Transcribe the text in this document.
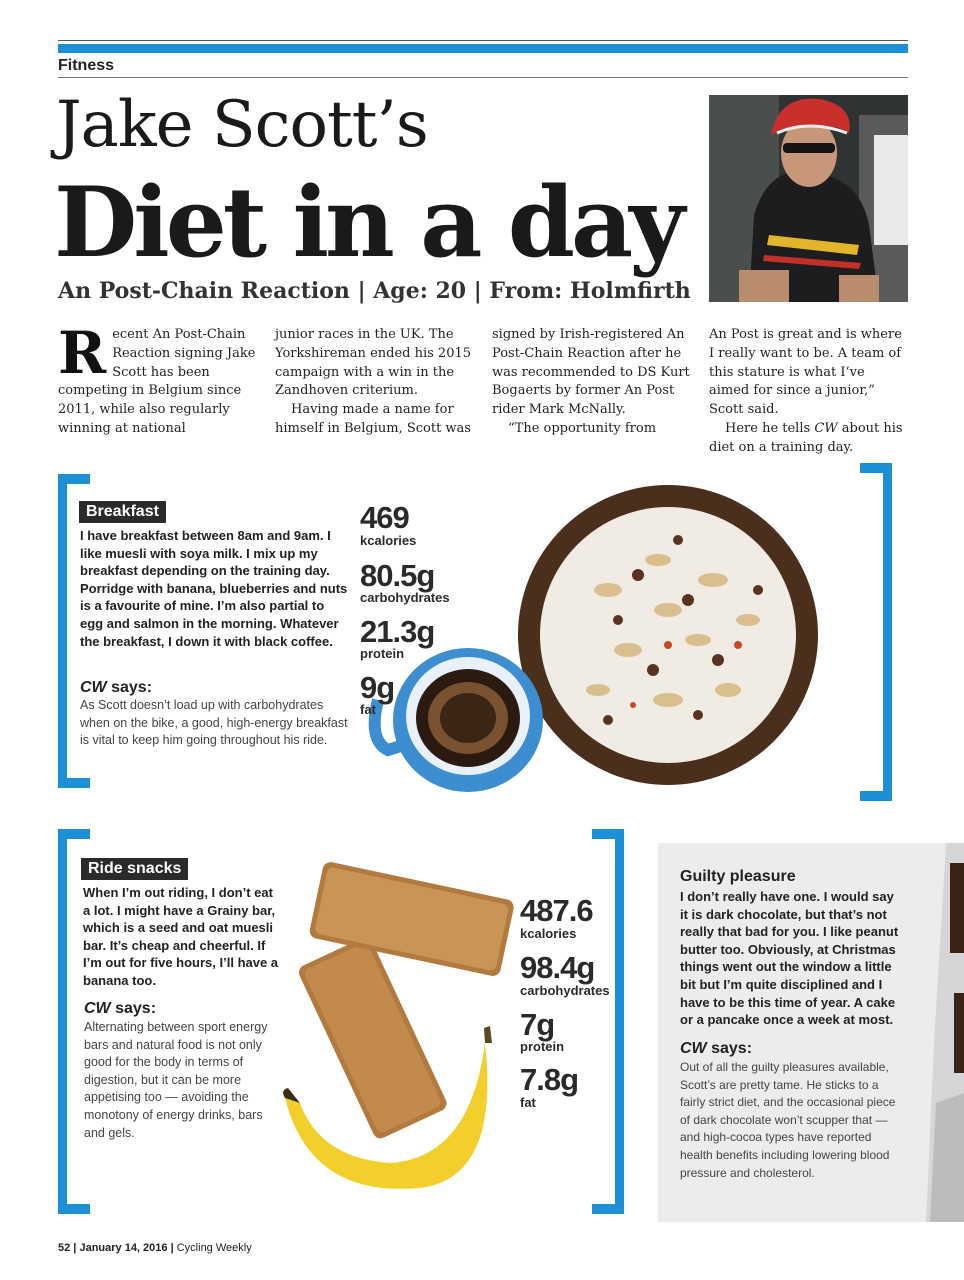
Fitness
Jake Scott’s
Diet in a day
An Post-Chain Reaction | Age: 20 | From: Holmfirth
R ecent An Post-Chain Reaction signing Jake Scott has been competing in Belgium since 2011, while also regularly winning at national

junior races in the UK. The Yorkshireman ended his 2015 campaign with a win in the Zandhoven criterium.

Having made a name for himself in Belgium, Scott was

signed by Irish-registered An Post-Chain Reaction after he was recommended to DS Kurt Bogaerts by former An Post rider Mark McNally.

“The opportunity from

An Post is great and is where I really want to be. A team of this stature is what I’ve aimed for since a junior,” Scott said.

Here he tells CW about his diet on a training day.

Breakfast
I have breakfast between 8am and 9am. I like muesli with soya milk. I mix up my breakfast depending on the training day. Porridge with banana, blueberries and nuts is a favourite of mine. I’m also partial to egg and salmon in the morning. Whatever the breakfast, I down it with black coffee.
CW says:
As Scott doesn’t load up with carbohydrates when on the bike, a good, high-energy breakfast is vital to keep him going throughout his ride.
469
kcalories
80.5g
carbohydrates
21.3g
protein
9g
fat
Ride snacks
When I’m out riding, I don’t eat a lot. I might have a Grainy bar, which is a seed and oat muesli bar. It’s cheap and cheerful. If I’m out for five hours, I’ll have a banana too.
CW says:
Alternating between sport energy bars and natural food is not only good for the body in terms of digestion, but it can be more appetising too — avoiding the monotony of energy drinks, bars and gels.
487.6
kcalories
98.4g
carbohydrates
7g
protein
7.8g
fat
Guilty pleasure
I don’t really have one. I would say it is dark chocolate, but that’s not really that bad for you. I like peanut butter too. Obviously, at Christmas things went out the window a little bit but I’m quite disciplined and I have to be this time of year. A cake or a pancake once a week at most.
CW says:
Out of all the guilty pleasures available, Scott’s are pretty tame. He sticks to a fairly strict diet, and the occasional piece of dark chocolate won’t scupper that — and high-cocoa types have reported health benefits including lowering blood pressure and cholesterol.
52 | January 14, 2016 | Cycling Weekly
